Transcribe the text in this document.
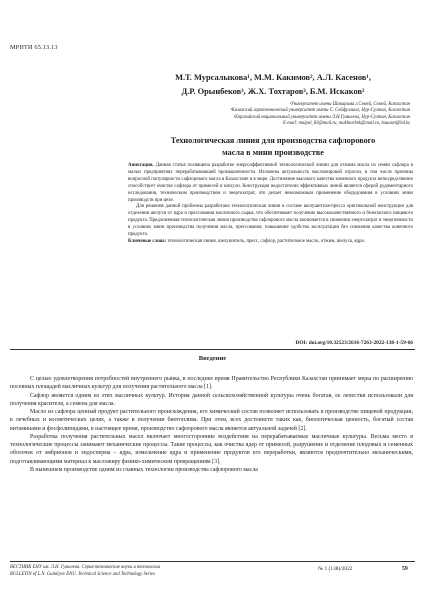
МРНТИ 65.13.13
М.Т. Мурсалыкова¹, М.М. Какимов², А.Л. Касенов¹,
Д.Р. Орынбеков³, Ж.Х. Тохтаров³, Б.М. Искаков²
¹Университет имени Шакарима г.Семей, Семей, Казахстан
²Казахский агротехнический университет имени С. Сейфуллина, Нур-Султан, Казахстан
³Евразийский национальный университет имени Л.Н.Гумилева, Нур-Султан, Казахстан
E-mail: maipal_83@mail.ru, mukhtarbek@mail.ru, bauaset@b4.kz
Технологическая линия для производства сафлорового
масла в мини производстве

Аннотация. Данная статья посвящена разработке энергоэффективной технологической линии для отжима масла из семян сафлора в малых предприятиях перерабатывающей промышленности. Изложена актуальность масложировой отрасли, в том числе причины вопросной популярности сафлорового масла в Казахстане и в мире. Достижение высокого качества конечного продукта непосредственно способствует очистке сафлора от примесей и шелухи. Конструкция недостаточно эффективных линий является сферой рудиментарного исследования, техническим производством и энергозатрат, что делает невозможным применение оборудования в условиях мини производств при цехе.

Для решения данной проблемы разработана технологическая линия в составе шелушителя-пресса оригинальной конструкции для отделения шелухи от ядра и прессования масличного сырья, что обеспечивает получение высококачественного и безопасного пищевого продукта. Предложенная технологическая линия производства сафлорового масла заключается в снижении энергозатрат и энергоемкости в условиях мини производства получения масла, прессования, повышение удобства эксплуатации без снижения качества конечного продукта.

Ключевые слова: технологическая линия, шелушитель, пресс, сафлор, растительное масло, отжим, шелуха, ядро.

DOI: doi.org/10.32523/2616-7263-2022-138-1-59-66
Введение

С целью удовлетворения потребностей внутреннего рынка, в последнее время Правительство Республики Казахстан принимает меры по расширению посевных площадей масличных культур для получения растительного масла [1].

Сафлор является одним из этих масличных культур. История данной сельскохозяйственной культуры очень богатая, ее лепестки использовали для получения красителя, а семена для масла.

Масло из сафлора ценный продукт растительного происхождения, его химический состав позволяет использовать в производстве пищевой продукции, в лечебных и косметических целях, а также в получении биотоплива. При этом, всех достоинств таких как, биологическая ценность, богатый состав витаминами и фосфолипидами, в настоящее время, производство сафлорового масла является актуальной задачей [2].

Разработка получения растительных масел включает многосторонние воздействия на перерабатываемые масличные культуры. Весьма место в технологические процессы занимают механические процессы. Такие процессы, как очистка ядер от примесей, разрушение и отделение плодовых и семенных оболочек от эмбрионов и эндосперма – ядра, измельчение ядра и применение продуктов его переработки, являются предпочтительно механическими, подготавливающими материал к масложиру физико-химическом превращениям [3].

В нынешнем производстве одним из главных технологии производства сафлорового масла

ВЕСТНИК ЕНУ им. Л.Н. Гумилева. Серия технические науки и технологии
BULLETIN of L.N. Gumilyov ENU. Technical Science and Technology Series
№ 1 (138)/2022	59
